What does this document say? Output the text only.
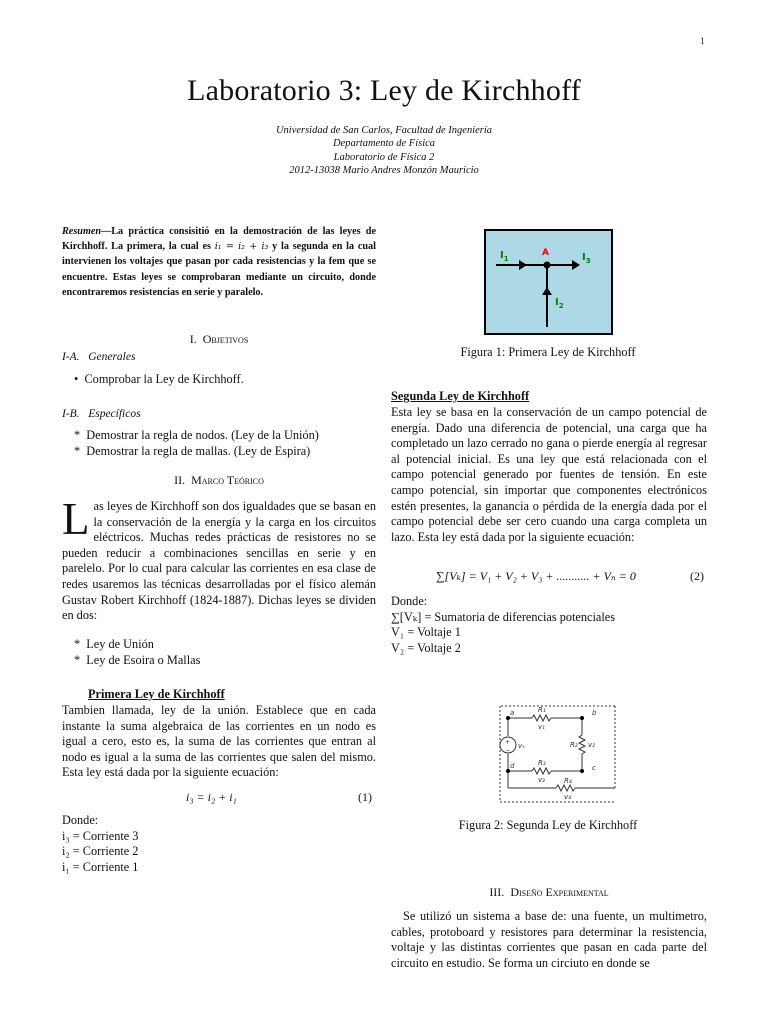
1
Laboratorio 3: Ley de Kirchhoff
Universidad de San Carlos, Facultad de Ingeniería
Departamento de Física
Laboratorio de Física 2
2012-13038 Mario Andres Monzón Mauricio
Resumen—La práctica consisitió en la demostración de las leyes de Kirchhoff. La primera, la cual es i₁ = i₂ + i₃ y la segunda en la cual intervienen los voltajes que pasan por cada resistencias y la fem que se encuentre. Estas leyes se comprobaran mediante un circuito, donde encontraremos resistencias en serie y paralelo.
I. Objetivos
I-A. Generales
•  Comprobar la Ley de Kirchhoff.
I-B. Específicos
*  Demostrar la regla de nodos. (Ley de la Unión)
*  Demostrar la regla de mallas. (Ley de Espira)
II. Marco Teórico
Las leyes de Kirchhoff son dos igualdades que se basan en la conservación de la energía y la carga en los circuitos eléctricos. Muchas redes prácticas de resistores no se pueden reducir a combinaciones sencillas en serie y en parelelo. Por lo cual para calcular las corrientes en esa clase de redes usaremos las técnicas desarrolladas por el físico alemán Gustav Robert Kirchhoff (1824-1887). Dichas leyes se dividen en dos:
*  Ley de Unión
*  Ley de Esoira o Mallas
Primera Ley de Kirchhoff
Tambien llamada, ley de la unión. Establece que en cada instante la suma algebraica de las corrientes en un nodo es igual a cero, esto es, la suma de las corrientes que entran al nodo es igual a la suma de las corrientes que salen del mismo. Esta ley está dada por la siguiente ecuación:
i₃ = i₂ + i₁	(1)
Donde:
i₃ = Corriente 3
i₂ = Corriente 2
i₁ = Corriente 1
$I_1$
A	$I_3$
$I_2$
Figura 1: Primera Ley de Kirchhoff
Segunda Ley de Kirchhoff
Esta ley se basa en la conservación de un campo potencial de energía. Dado una diferencia de potencial, una carga que ha completado un lazo cerrado no gana o pierde energía al regresar al potencial inicial. Es una ley que está relacionada con el campo potencial generado por fuentes de tensión. En este campo potencial, sin importar que componentes electrónicos estén presentes, la ganancia o pérdida de la energía dada por el campo potencial debe ser cero cuando una carga completa un lazo. Esta ley está dada por la siguiente ecuación:
∑[Vₖ] = V₁ + V₂ + V₃ + ........... + Vₙ = 0	(2)
Donde:
∑[Vₖ] = Sumatoria de diferencias potenciales
V₁ = Voltaje 1
V₂ = Voltaje 2
a	b
c
d
R₁
v₁
R₂ v₂
R₃
v₃	R₄
v₄
vₛ
+
−
Figura 2: Segunda Ley de Kirchhoff
III. Diseño Experimental
Se utilizó un sistema a base de: una fuente, un multimetro, cables, protoboard y resistores para determinar la resistencia, voltaje y las distintas corrientes que pasan en cada parte del circuito en estudio. Se forma un circiuto en donde se
